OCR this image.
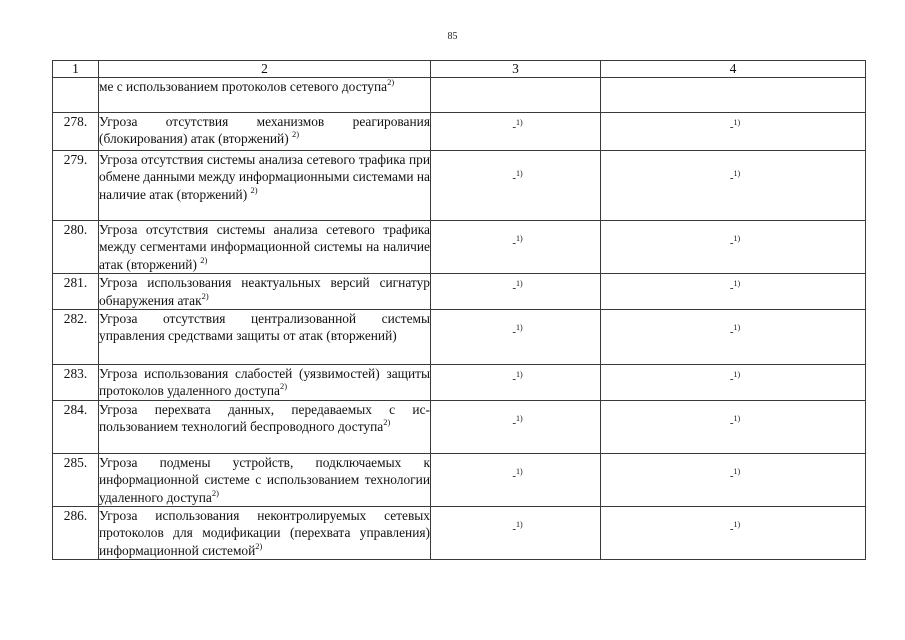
85
1	2	3	4

	ме с использованием протоколов сетевого доступа$^{2)}$

278.	Угроза отсутствия механизмов реагирования (блокирования) атак (вторжений) $^{2)}$	-$^{1)}$	-$^{1)}$
279.	Угроза отсутствия системы анализа сетевого трафика при обмене данными между информационными системами на наличие атак (вторжений) $^{2)}$	-$^{1)}$	-$^{1)}$
280.	Угроза отсутствия системы анализа сетевого трафика между сегментами информационной системы на наличие атак (вторжений) $^{2)}$	-$^{1)}$	-$^{1)}$
281.	Угроза использования неактуальных версий сигнатур обнаружения атак$^{2)}$	-$^{1)}$	-$^{1)}$
282.	Угроза отсутствия централизованной системы управления средствами защиты от атак (вторжений)	-$^{1)}$	-$^{1)}$
283.	Угроза использования слабостей (уязвимостей) защиты протоколов удаленного доступа$^{2)}$	-$^{1)}$	-$^{1)}$
284.	Угроза перехвата данных, передаваемых с использованием технологий беспроводного доступа$^{2)}$	-$^{1)}$	-$^{1)}$
285.	Угроза подмены устройств, подключаемых к информационной системе с использованием технологии удаленного доступа$^{2)}$	-$^{1)}$	-$^{1)}$
286.	Угроза использования неконтролируемых сетевых протоколов для модификации (перехвата управления) информационной системой$^{2)}$	-$^{1)}$	-$^{1)}$
